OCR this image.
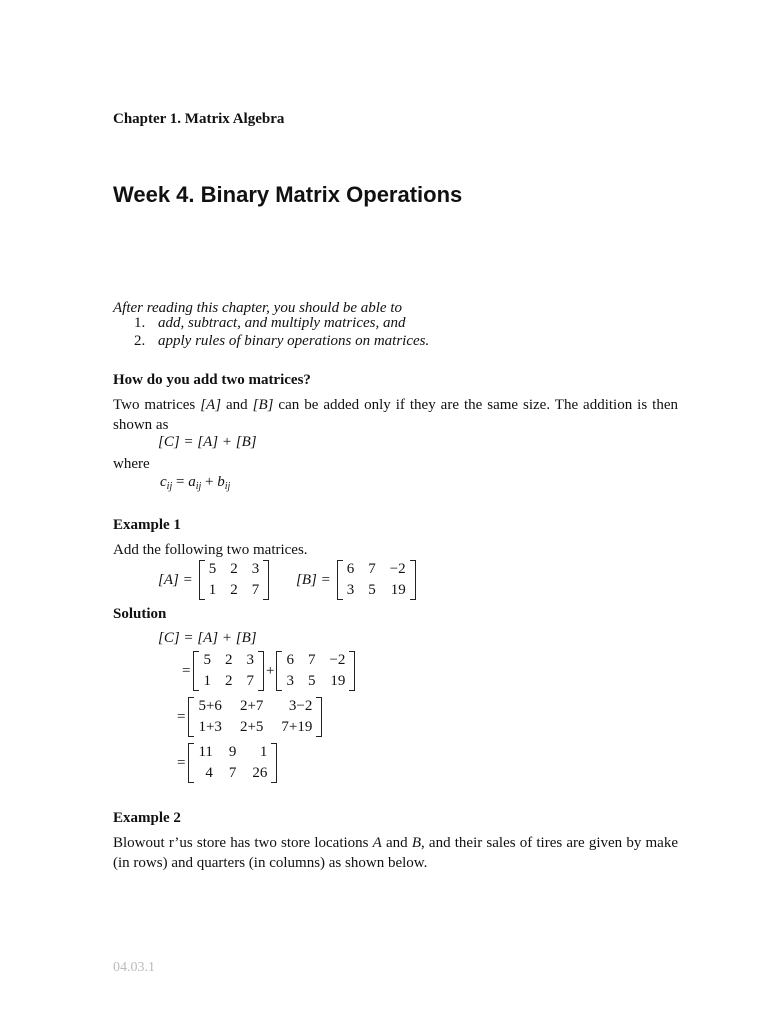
Chapter 1. Matrix Algebra
Week 4. Binary Matrix Operations
After reading this chapter, you should be able to
1. add, subtract, and multiply matrices, and
2. apply rules of binary operations on matrices.
How do you add two matrices?
Two matrices [A] and [B] can be added only if they are the same size. The addition is then shown as
[C] = [A] + [B]
where
$c_{ij} = a_{ij} + b_{ij}$
Example 1
Add the following two matrices.
[A] =
5 2 3
1 2 7
[B] =
6 7 −2
3 5 19
Solution
[C] = [A] + [B]
=
5 2 3
1 2 7
+
6 7 −2
3 5 19
=
5+6 2+7	3−2
1+3 2+5 7+19
=
11 9	1
4 7 26
Example 2
Blowout r’us store has two store locations A and B, and their sales of tires are given by make (in rows) and quarters (in columns) as shown below.
04.03.1
